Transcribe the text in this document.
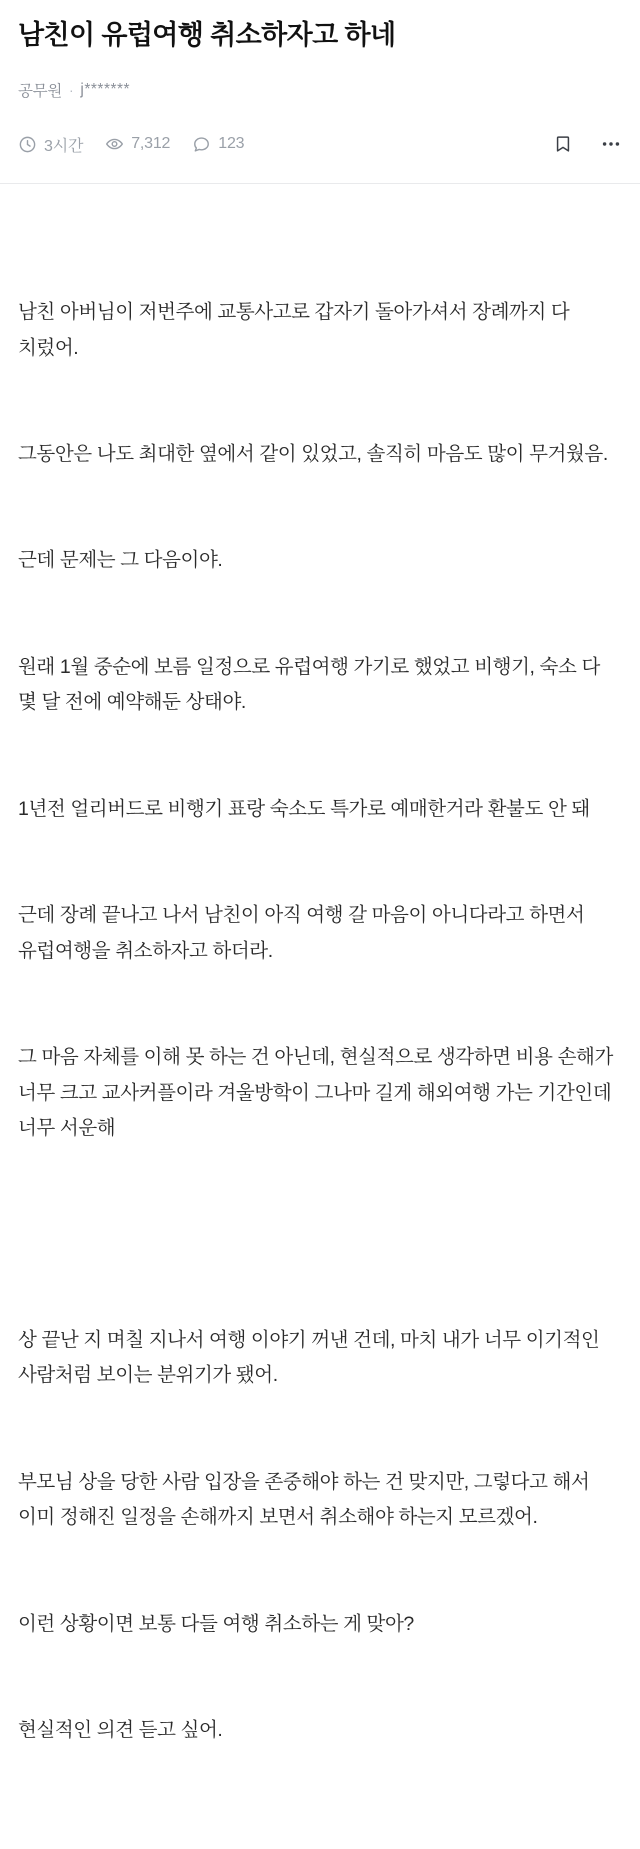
남친이 유럽여행 취소하자고 하네
공무원 · j*******
3시간	7,312	123

남친 아버님이 저번주에 교통사고로 갑자기 돌아가셔서 장례까지 다 치렀어.

그동안은 나도 최대한 옆에서 같이 있었고, 솔직히 마음도 많이 무거웠음.

근데 문제는 그 다음이야.

원래 1월 중순에 보름 일정으로 유럽여행 가기로 했었고 비행기, 숙소 다 몇 달 전에 예약해둔 상태야.

1년전 얼리버드로 비행기 표랑 숙소도 특가로 예매한거라 환불도 안 돼

근데 장례 끝나고 나서 남친이 아직 여행 갈 마음이 아니다라고 하면서 유럽여행을 취소하자고 하더라.

그 마음 자체를 이해 못 하는 건 아닌데, 현실적으로 생각하면 비용 손해가 너무 크고 교사커플이라 겨울방학이 그나마 길게 해외여행 가는 기간인데 너무 서운해

상 끝난 지 며칠 지나서 여행 이야기 꺼낸 건데, 마치 내가 너무 이기적인 사람처럼 보이는 분위기가 됐어.

부모님 상을 당한 사람 입장을 존중해야 하는 건 맞지만, 그렇다고 해서 이미 정해진 일정을 손해까지 보면서 취소해야 하는지 모르겠어.

이런 상황이면 보통 다들 여행 취소하는 게 맞아?

현실적인 의견 듣고 싶어.
